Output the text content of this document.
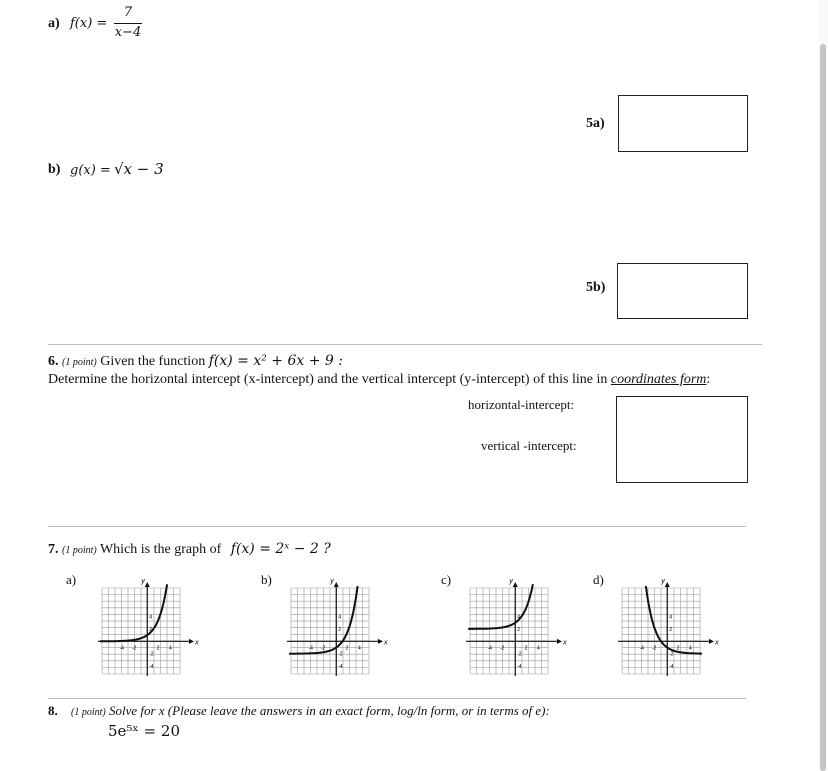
a) f(x) =
7
x−4
5a)
b) g(x) = √x − 3
5b)
6. (1 point) Given the function f(x) = x² + 6x + 9 :
Determine the horizontal intercept (x-intercept) and the vertical intercept (y-intercept) of this line in coordinates form:
horizontal-intercept:
vertical -intercept:
7. (1 point) Which is the graph of f(x) = 2ˣ − 2 ?
a)	b)	c)	d)
x
y
-4 -2	2 4
4
2
-2
-4
x
y
-4 -2	2 4
4
2
-2
-4
x
y
-4 -2	2 4
4
2
-2
-4
x
y
-4 -2	2 4
4
2
-2
-4
8. (1 point) Solve for x (Please leave the answers in an exact form, log/ln form, or in terms of e):
5e⁵ˣ = 20
